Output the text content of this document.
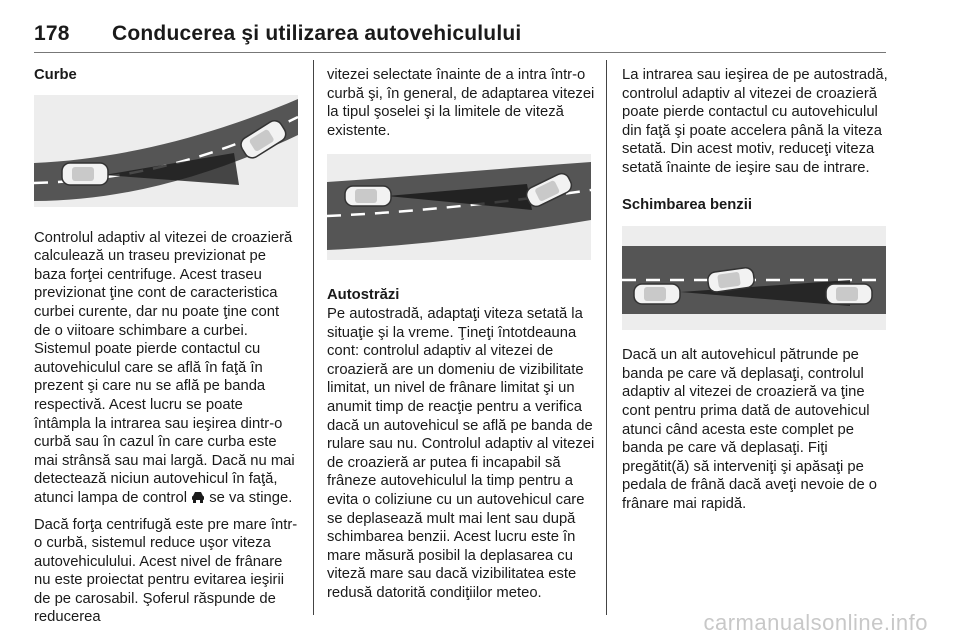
178 Conducerea şi utilizarea autovehiculului
Curbe

Controlul adaptiv al vitezei de croazieră calculează un traseu previzionat pe baza forţei centrifuge. Acest traseu previzionat ţine cont de caracteristica curbei curente, dar nu poate ţine cont de o viitoare schimbare a curbei. Sistemul poate pierde contactul cu autovehiculul care se află în faţă în prezent şi care nu se află pe banda respectivă. Acest lucru se poate întâmpla la intrarea sau ieşirea dintr-o curbă sau în cazul în care curba este mai strânsă sau mai largă. Dacă nu mai detectează niciun autovehicul în faţă, atunci lampa de control se va stinge.

Dacă forţa centrifugă este pre mare într-o curbă, sistemul reduce uşor viteza autovehiculului. Acest nivel de frânare nu este proiectat pentru evitarea ieşirii de pe carosabil. Şoferul răspunde de reducerea

vitezei selectate înainte de a intra într-o curbă şi, în general, de adaptarea vitezei la tipul şoselei şi la limitele de viteză existente.

Autostrăzi

Pe autostradă, adaptaţi viteza setată la situaţie şi la vreme. Ţineţi întotdeauna cont: controlul adaptiv al vitezei de croazieră are un domeniu de vizibilitate limitat, un nivel de frânare limitat şi un anumit timp de reacţie pentru a verifica dacă un autovehicul se află pe banda de rulare sau nu. Controlul adaptiv al vitezei de croazieră ar putea fi incapabil să frâneze autovehiculul la timp pentru a evita o coliziune cu un autovehicul care se deplasează mult mai lent sau după schimbarea benzii. Acest lucru este în mare măsură posibil la deplasarea cu viteză mare sau dacă vizibilitatea este redusă datorită condiţiilor meteo.

La intrarea sau ieşirea de pe autostradă, controlul adaptiv al vitezei de croazieră poate pierde contactul cu autovehiculul din faţă şi poate accelera până la viteza setată. Din acest motiv, reduceţi viteza setată înainte de ieşire sau de intrare.

Schimbarea benzii

Dacă un alt autovehicul pătrunde pe banda pe care vă deplasaţi, controlul adaptiv al vitezei de croazieră va ţine cont pentru prima dată de autovehicul atunci când acesta este complet pe banda pe care vă deplasaţi. Fiţi pregătit(ă) să interveniţi şi apăsaţi pe pedala de frână dacă aveţi nevoie de o frânare mai rapidă.

carmanualsonline.info
